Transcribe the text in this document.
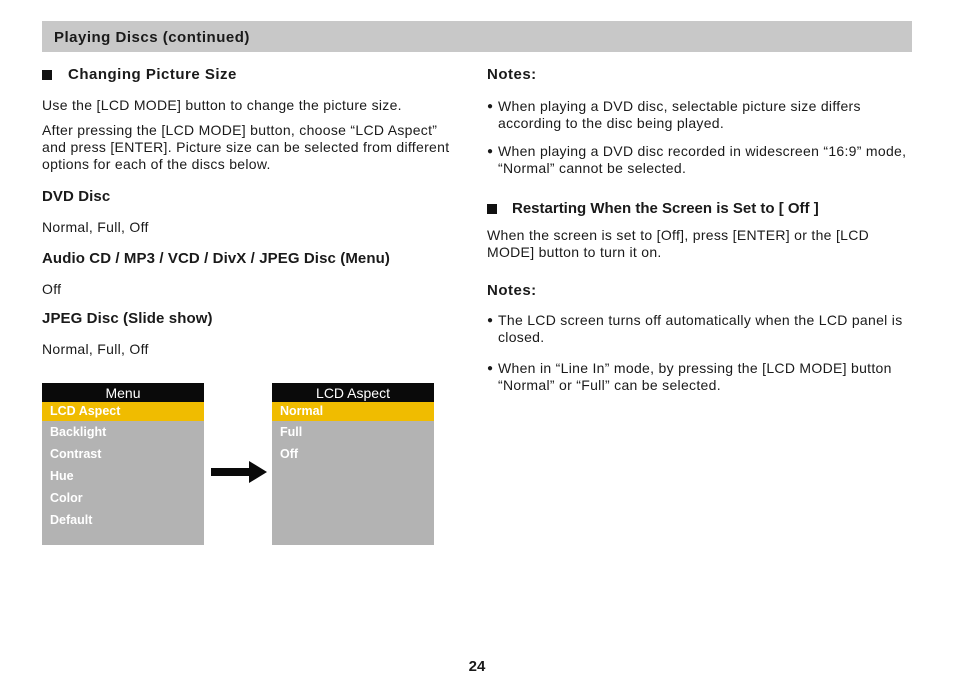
Playing Discs (continued)
Changing Picture Size
Use the [LCD MODE] button to change the picture size.
After pressing the [LCD MODE] button, choose “LCD Aspect” and press [ENTER]. Picture size can be selected from different options for each of the discs below.
DVD Disc
Normal, Full, Off
Audio CD / MP3 / VCD / DivX / JPEG Disc (Menu)
Off
JPEG Disc (Slide show)
Normal, Full, Off
Menu
LCD Aspect
Backlight
Contrast
Hue
Color
Default
LCD Aspect
Normal
Full
Off
Notes:
● When playing a DVD disc, selectable picture size differs according to the disc being played.
● When playing a DVD disc recorded in widescreen “16:9” mode, “Normal” cannot be selected.
Restarting When the Screen is Set to [ Off ]
When the screen is set to [Off], press [ENTER] or the [LCD MODE] button to turn it on.
Notes:
● The LCD screen turns off automatically when the LCD panel is closed.
● When in “Line In” mode, by pressing the [LCD MODE] button “Normal” or “Full” can be selected.
24
